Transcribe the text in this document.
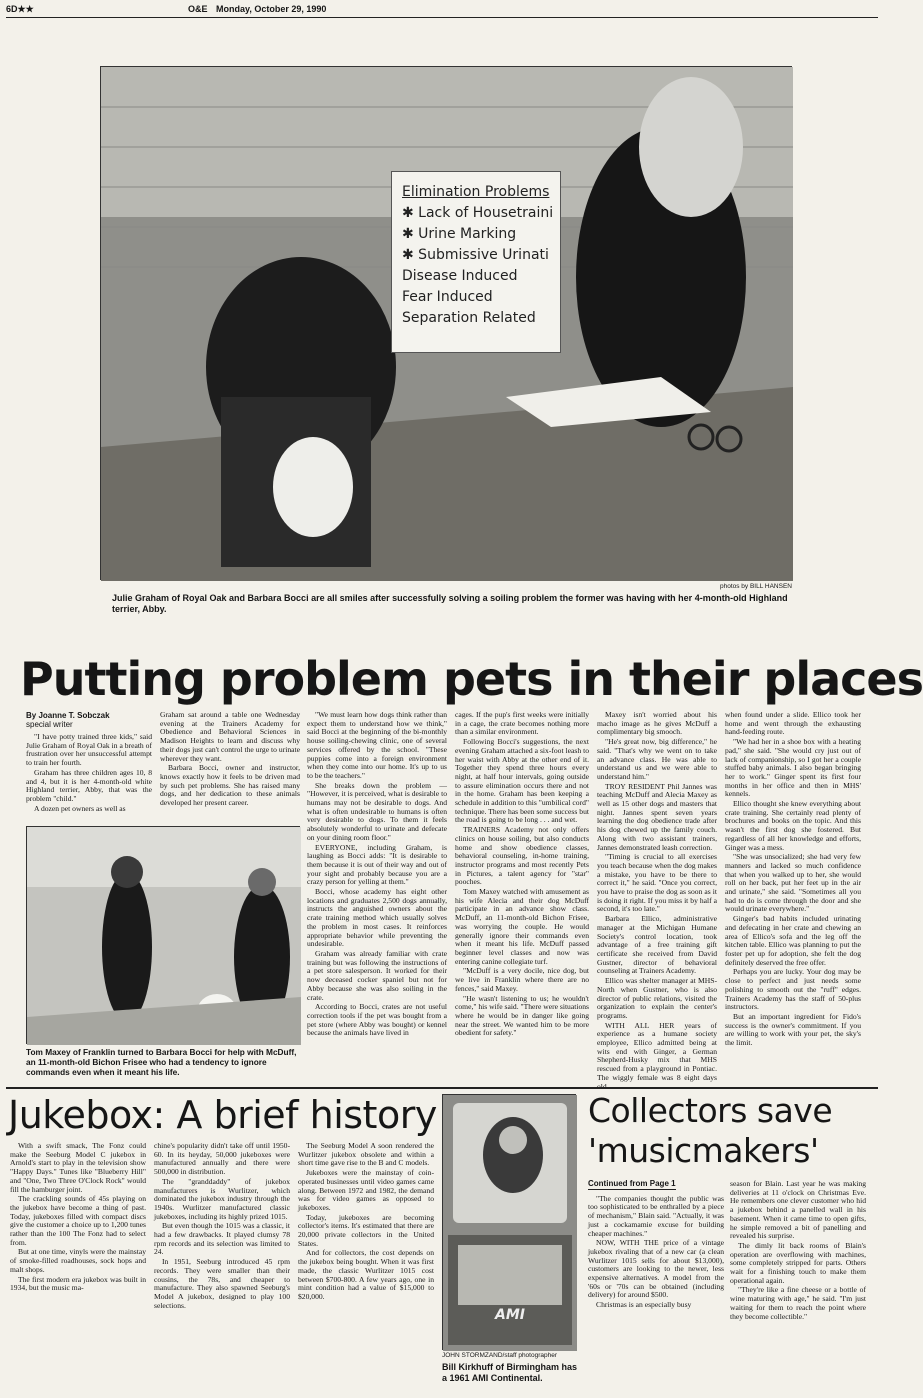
6D★★	O&E Monday, October 29, 1990
Elimination Problems
✱ Lack of Housetraini
✱ Urine Marking
✱ Submissive Urinati
Disease Induced
Fear Induced
Separation Related
photos by BILL HANSEN
Julie Graham of Royal Oak and Barbara Bocci are all smiles after successfully solving a soiling problem the former was having with her 4-month-old Highland terrier, Abby.
Putting problem pets in their places
By Joanne T. Sobczak
special writer

"I have potty trained three kids," said Julie Graham of Royal Oak in a breath of frustration over her unsuccessful attempt to train her fourth.

Graham has three children ages 10, 8 and 4, but it is her 4-month-old white Highland terrier, Abby, that was the problem "child."

A dozen pet owners as well as

Graham sat around a table one Wednesday evening at the Trainers Academy for Obedience and Behavioral Sciences in Madison Heights to learn and discuss why their dogs just can't control the urge to urinate wherever they want.

Barbara Bocci, owner and instructor, knows exactly how it feels to be driven mad by such pet problems. She has raised many dogs, and her dedication to these animals developed her present career.

Tom Maxey of Franklin turned to Barbara Bocci for help with McDuff, an 11-month-old Bichon Frisee who had a tendency to ignore commands even when it meant his life.

"We must learn how dogs think rather than expect them to understand how we think," said Bocci at the beginning of the bi-monthly house soiling-chewing clinic, one of several services offered by the school. "These puppies come into a foreign environment when they come into our home. It's up to us to be the teachers."

She breaks down the problem — "However, it is perceived, what is desirable to humans may not be desirable to dogs. And what is often undesirable to humans is often very desirable to dogs. To them it feels absolutely wonderful to urinate and defecate on your dining room floor."

EVERYONE, including Graham, is laughing as Bocci adds: "It is desirable to them because it is out of their way and out of your sight and probably because you are a crazy person for yelling at them."

Bocci, whose academy has eight other locations and graduates 2,500 dogs annually, instructs the anguished owners about the crate training method which usually solves the problem in most cases. It reinforces appropriate behavior while preventing the undesirable.

Graham was already familiar with crate training but was following the instructions of a pet store salesperson. It worked for their now deceased cocker spaniel but not for Abby because she was also soiling in the crate.

According to Bocci, crates are not useful correction tools if the pet was bought from a pet store (where Abby was bought) or kennel because the animals have lived in

cages. If the pup's first weeks were initially in a cage, the crate becomes nothing more than a similar environment.

Following Bocci's suggestions, the next evening Graham attached a six-foot leash to her waist with Abby at the other end of it. Together they spend three hours every night, at half hour intervals, going outside to assure elimination occurs there and not in the home. Graham has been keeping a schedule in addition to this "umbilical cord" technique. There has been some success but the road is going to be long . . . and wet.

TRAINERS Academy not only offers clinics on house soiling, but also conducts home and show obedience classes, behavioral counseling, in-home training, instructor programs and most recently Pets in Pictures, a talent agency for "star" pooches.

Tom Maxey watched with amusement as his wife Alecia and their dog McDuff participate in an advance show class. McDuff, an 11-month-old Bichon Frisee, was worrying the couple. He would generally ignore their commands even when it meant his life. McDuff passed beginner level classes and now was entering canine collegiate turf.

"McDuff is a very docile, nice dog, but we live in Franklin where there are no fences," said Maxey.

"He wasn't listening to us; he wouldn't come," his wife said. "There were situations where he would be in danger like going near the street. We wanted him to be more obedient for safety."

Maxey isn't worried about his macho image as he gives McDuff a complimentary big smooch.

"He's great now, big difference," he said. "That's why we went on to take an advance class. He was able to understand us and we were able to understand him."

TROY RESIDENT Phil Jannes was teaching McDuff and Alecia Maxey as well as 15 other dogs and masters that night. Jannes spent seven years learning the dog obedience trade after his dog chewed up the family couch. Along with two assistant trainers, Jannes demonstrated leash correction.

"Timing is crucial to all exercises you teach because when the dog makes a mistake, you have to be there to correct it," he said. "Once you correct, you have to praise the dog as soon as it is doing it right. If you miss it by half a second, it's too late."

Barbara Ellico, administrative manager at the Michigan Humane Society's control location, took advantage of a free training gift certificate she received from David Gustner, director of behavioral counseling at Trainers Academy.

Ellico was shelter manager at MHS-North when Gustner, who is also director of public relations, visited the organization to explain the center's programs.

WITH ALL HER years of experience as a humane society employee, Ellico admitted being at wits end with Ginger, a German Shepherd-Husky mix that MHS rescued from a playground in Pontiac. The wiggly female was 8 eight days

when found under a slide. Ellico took her home and went through the exhausting hand-feeding route.

"We had her in a shoe box with a heating pad," she said. "She would cry just out of lack of companionship, so I got her a couple stuffed baby animals. I also began bringing her to work." Ginger spent its first four months in her office and then in MHS' kennels.

Ellico thought she knew everything about crate training. She certainly read plenty of brochures and books on the topic. And this wasn't the first dog she fostered. But regardless of all her knowledge and efforts, Ginger was a mess.

"She was unsocialized; she had very few manners and lacked so much confidence that when you walked up to her, she would roll on her back, put her feet up in the air and urinate," she said. "Sometimes all you had to do is come through the door and she would urinate everywhere."

Ginger's bad habits included urinating and defecating in her crate and chewing an area of Ellico's sofa and the leg off the kitchen table. Ellico was planning to put the foster pet up for adoption, she felt the dog definitely deserved the free offer.

Perhaps you are lucky. Your dog may be close to perfect and just needs some polishing to smooth out the "ruff" edges. Trainers Academy has the staff of 50-plus instructors.

But an important ingredient for Fido's success is the owner's commitment. If you are willing to work with your pet, the sky's the limit.

Jukebox: A brief history

With a swift smack, The Fonz could make the Seeburg Model C jukebox in Arnold's start to play in the television show "Happy Days." Tunes like "Blueberry Hill" and "One, Two Three O'Clock Rock" would fill the hamburger joint.

The crackling sounds of 45s playing on the jukebox have become a thing of past. Today, jukeboxes filled with compact discs give the customer a choice up to 1,200 tunes rather than the 100 The Fonz had to select from.

But at one time, vinyls were the mainstay of smoke-filled roadhouses, sock hops and malt shops.

The first modern era jukebox was built in 1934, but the music ma-

chine's popularity didn't take off until 1950-60. In its heyday, 50,000 jukeboxes were manufactured annually and there were 500,000 in distribution.

The "granddaddy" of jukebox manufacturers is Wurlitzer, which dominated the jukebox industry through the 1940s. Wurlitzer manufactured classic jukeboxes, including its highly prized 1015.

But even though the 1015 was a classic, it had a few drawbacks. It played clumsy 78 rpm records and its selection was limited to 24.

In 1951, Seeburg introduced 45 rpm records. They were smaller than their cousins, the 78s, and cheaper to manufacture. They also spawned Seeburg's Model A jukebox, designed to play 100 selections.

The Seeburg Model A soon rendered the Wurlitzer jukebox obsolete and within a short time gave rise to the B and C models.

Jukeboxes were the mainstay of coin-operated businesses until video games came along. Between 1972 and 1982, the demand was for video games as opposed to jukeboxes.

Today, jukeboxes are becoming collector's items. It's estimated that there are 20,000 private collectors in the United States.

And for collectors, the cost depends on the jukebox being bought. When it was first made, the classic Wurlitzer 1015 cost between $700-800. A few years ago, one in mint condition had a value of $15,000 to $20,000.

AMI
JOHN STORMZAND/staff photographer
Bill Kirkhuff of Birmingham has a 1961 AMI Continental.
Collectors save
'musicmakers'
Continued from Page 1

"The companies thought the public was too sophisticated to be enthralled by a piece of mechanism," Blain said. "Actually, it was just a cockamamie excuse for building cheaper machines."

NOW, WITH THE price of a vintage jukebox rivaling that of a new car (a clean Wurlitzer 1015 sells for about $13,000), customers are looking to the newer, less expensive alternatives. A model from the '60s or '70s can be obtained (including delivery) for around $500.

Christmas is an especially busy

season for Blain. Last year he was making deliveries at 11 o'clock on Christmas Eve. He remembers one clever customer who hid a jukebox behind a panelled wall in his basement. When it came time to open gifts, he simple removed a bit of panelling and revealed his surprise.

The dimly lit back rooms of Blain's operation are overflowing with machines, some completely stripped for parts. Others wait for a finishing touch to make them operational again.

"They're like a fine cheese or a bottle of wine maturing with age," he said. "I'm just waiting for them to reach the point where they become collectible."
